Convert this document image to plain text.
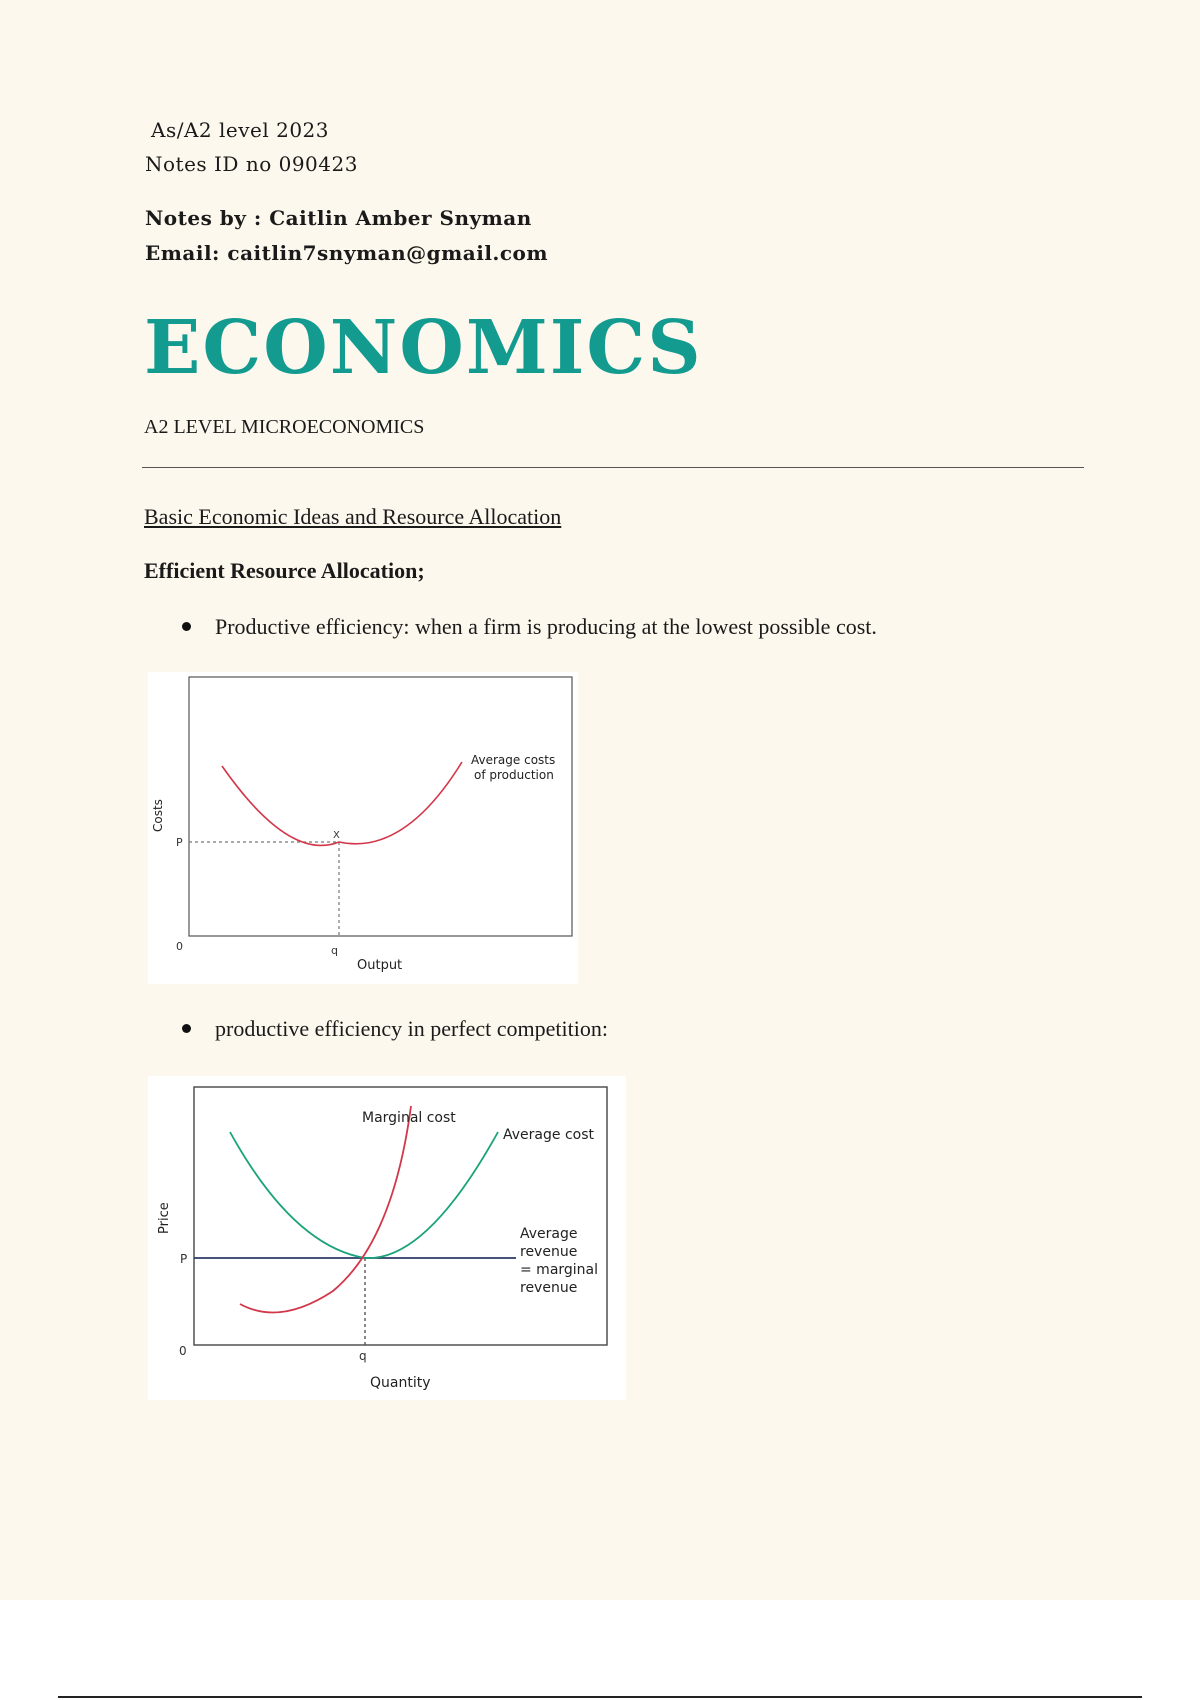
As/A2 level 2023
Notes ID no 090423
Notes by : Caitlin Amber Snyman
Email: caitlin7snyman@gmail.com
ECONOMICS
A2 LEVEL MICROECONOMICS
Basic Economic Ideas and Resource Allocation
Efficient Resource Allocation;
Productive efficiency: when a firm is producing at the lowest possible cost.
X
P
0	q
Output
Costs
Average costs
of production
productive efficiency in perfect competition:
P
0	q
Quantity
Price
Marginal cost
Average cost
Average
revenue
= marginal
revenue
